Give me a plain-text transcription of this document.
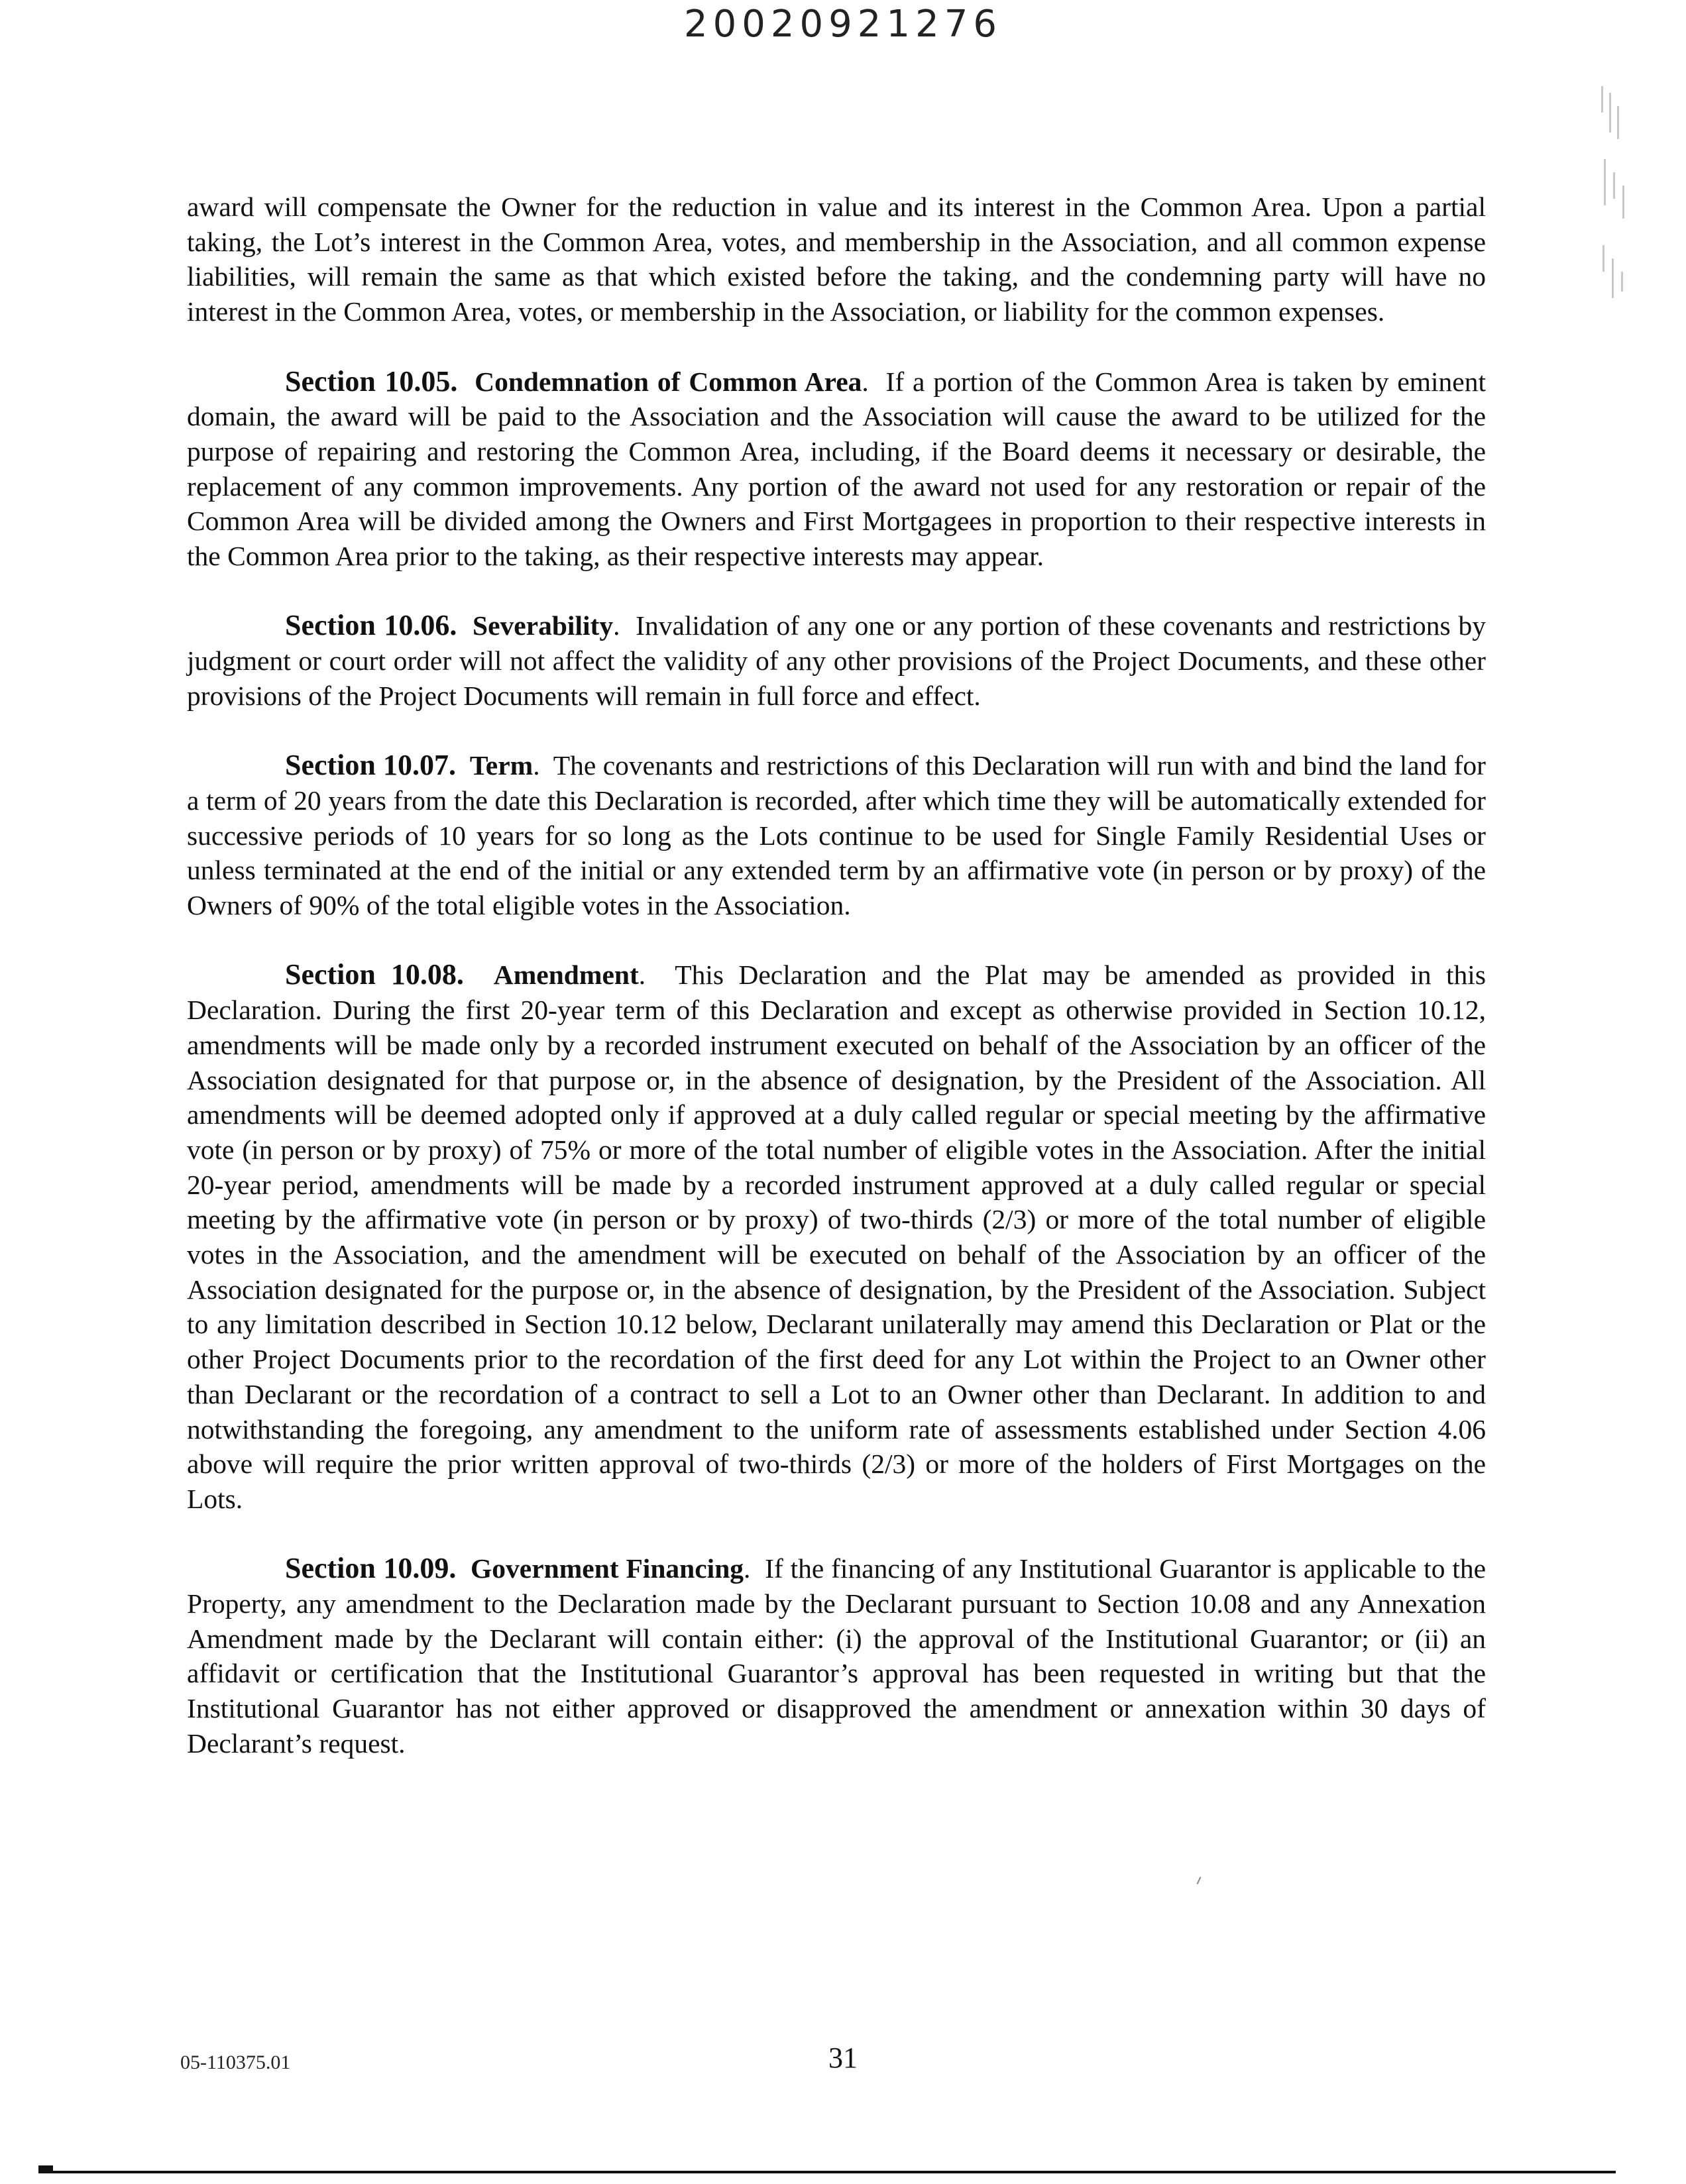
20020921276

award will compensate the Owner for the reduction in value and its interest in the Common Area. Upon a partial taking, the Lot’s interest in the Common Area, votes, and membership in the Association, and all common expense liabilities, will remain the same as that which existed before the taking, and the condemning party will have no interest in the Common Area, votes, or membership in the Association, or liability for the common expenses.

Section 10.05. Condemnation of Common Area.  If a portion of the Common Area is taken by eminent domain, the award will be paid to the Association and the Association will cause the award to be utilized for the purpose of repairing and restoring the Common Area, including, if the Board deems it necessary or desirable, the replacement of any common improvements. Any portion of the award not used for any restoration or repair of the Common Area will be divided among the Owners and First Mortgagees in proportion to their respective interests in the Common Area prior to the taking, as their respective interests may appear.

Section 10.06. Severability.  Invalidation of any one or any portion of these covenants and restrictions by judgment or court order will not affect the validity of any other provisions of the Project Documents, and these other provisions of the Project Documents will remain in full force and effect.

Section 10.07. Term.  The covenants and restrictions of this Declaration will run with and bind the land for a term of 20 years from the date this Declaration is recorded, after which time they will be automatically extended for successive periods of 10 years for so long as the Lots continue to be used for Single Family Residential Uses or unless terminated at the end of the initial or any extended term by an affirmative vote (in person or by proxy) of the Owners of 90% of the total eligible votes in the Association.

Section 10.08. Amendment.  This Declaration and the Plat may be amended as provided in this Declaration. During the first 20-year term of this Declaration and except as otherwise provided in Section 10.12, amendments will be made only by a recorded instrument executed on behalf of the Association by an officer of the Association designated for that purpose or, in the absence of designation, by the President of the Association. All amendments will be deemed adopted only if approved at a duly called regular or special meeting by the affirmative vote (in person or by proxy) of 75% or more of the total number of eligible votes in the Association. After the initial 20-year period, amendments will be made by a recorded instrument approved at a duly called regular or special meeting by the affirmative vote (in person or by proxy) of two-thirds (2/3) or more of the total number of eligible votes in the Association, and the amendment will be executed on behalf of the Association by an officer of the Association designated for the purpose or, in the absence of designation, by the President of the Association. Subject to any limitation described in Section 10.12 below, Declarant unilaterally may amend this Declaration or Plat or the other Project Documents prior to the recordation of the first deed for any Lot within the Project to an Owner other than Declarant or the recordation of a contract to sell a Lot to an Owner other than Declarant. In addition to and notwithstanding the foregoing, any amendment to the uniform rate of assessments established under Section 4.06 above will require the prior written approval of two-thirds (2/3) or more of the holders of First Mortgages on the Lots.

Section 10.09. Government Financing.  If the financing of any Institutional Guarantor is applicable to the Property, any amendment to the Declaration made by the Declarant pursuant to Section 10.08 and any Annexation Amendment made by the Declarant will contain either: (i) the approval of the Institutional Guarantor; or (ii) an affidavit or certification that the Institutional Guarantor’s approval has been requested in writing but that the Institutional Guarantor has not either approved or disapproved the amendment or annexation within 30 days of Declarant’s request.

05-110375.01	31
